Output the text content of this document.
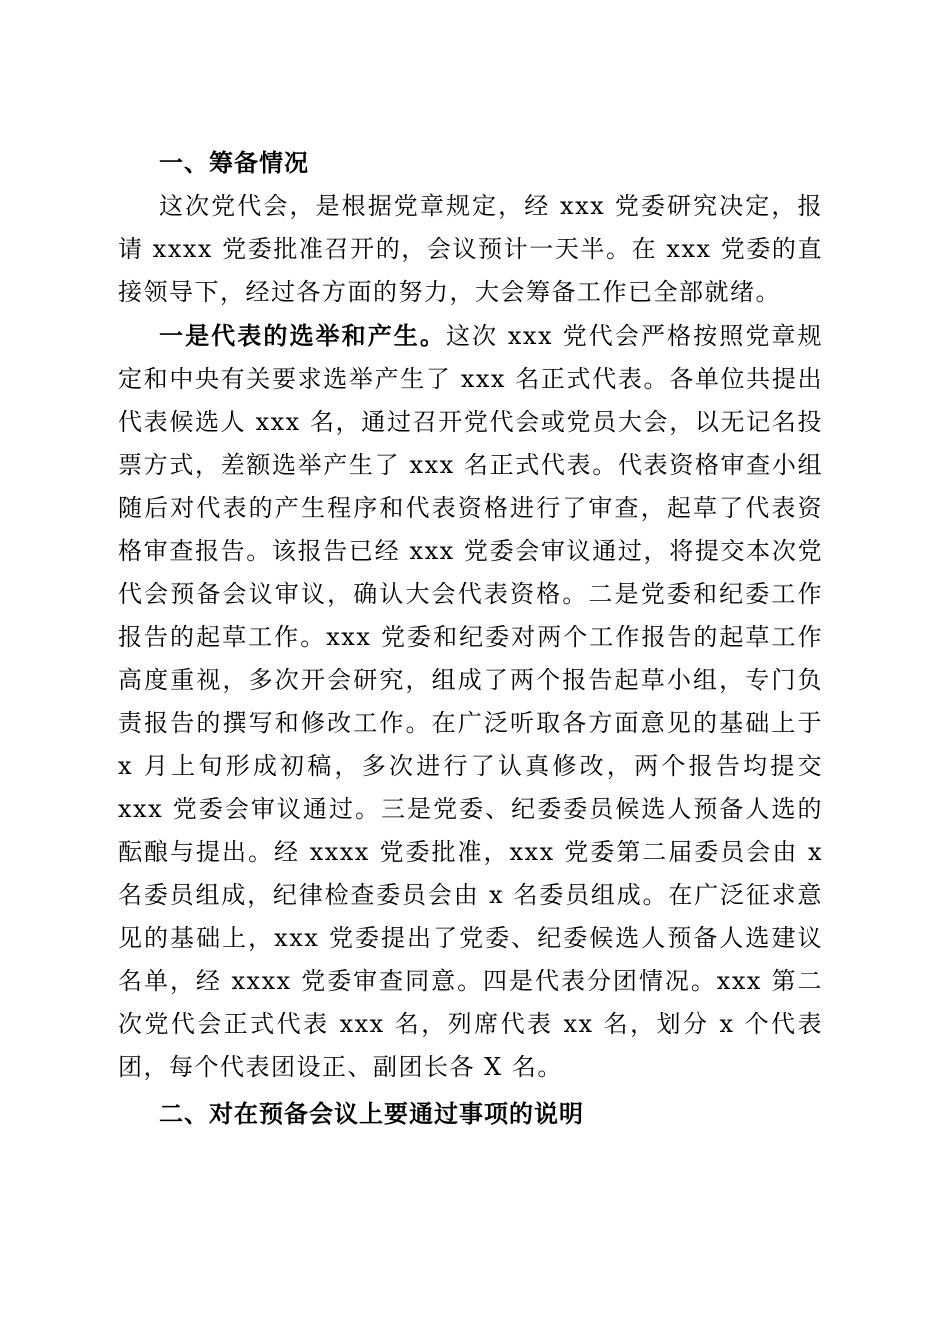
一、筹备情况

这次党代会，是根据党章规定，经 xxx 党委研究决定，报请 xxxx 党委批准召开的，会议预计一天半。在 xxx 党委的直接领导下，经过各方面的努力，大会筹备工作已全部就绪。

一是代表的选举和产生。这次 xxx 党代会严格按照党章规定和中央有关要求选举产生了 xxx 名正式代表。各单位共提出代表候选人 xxx 名，通过召开党代会或党员大会，以无记名投票方式，差额选举产生了 xxx 名正式代表。代表资格审查小组随后对代表的产生程序和代表资格进行了审查，起草了代表资格审查报告。该报告已经 xxx 党委会审议通过，将提交本次党代会预备会议审议，确认大会代表资格。二是党委和纪委工作报告的起草工作。xxx 党委和纪委对两个工作报告的起草工作高度重视，多次开会研究，组成了两个报告起草小组，专门负责报告的撰写和修改工作。在广泛听取各方面意见的基础上于 x 月上旬形成初稿，多次进行了认真修改，两个报告均提交 xxx 党委会审议通过。三是党委、纪委委员候选人预备人选的酝酿与提出。经 xxxx 党委批准，xxx 党委第二届委员会由 x 名委员组成，纪律检查委员会由 x 名委员组成。在广泛征求意见的基础上，xxx 党委提出了党委、纪委候选人预备人选建议名单，经 xxxx 党委审查同意。四是代表分团情况。xxx 第二次党代会正式代表 xxx 名，列席代表 xx 名，划分 x 个代表团，每个代表团设正、副团长各 X 名。

二、对在预备会议上要通过事项的说明
